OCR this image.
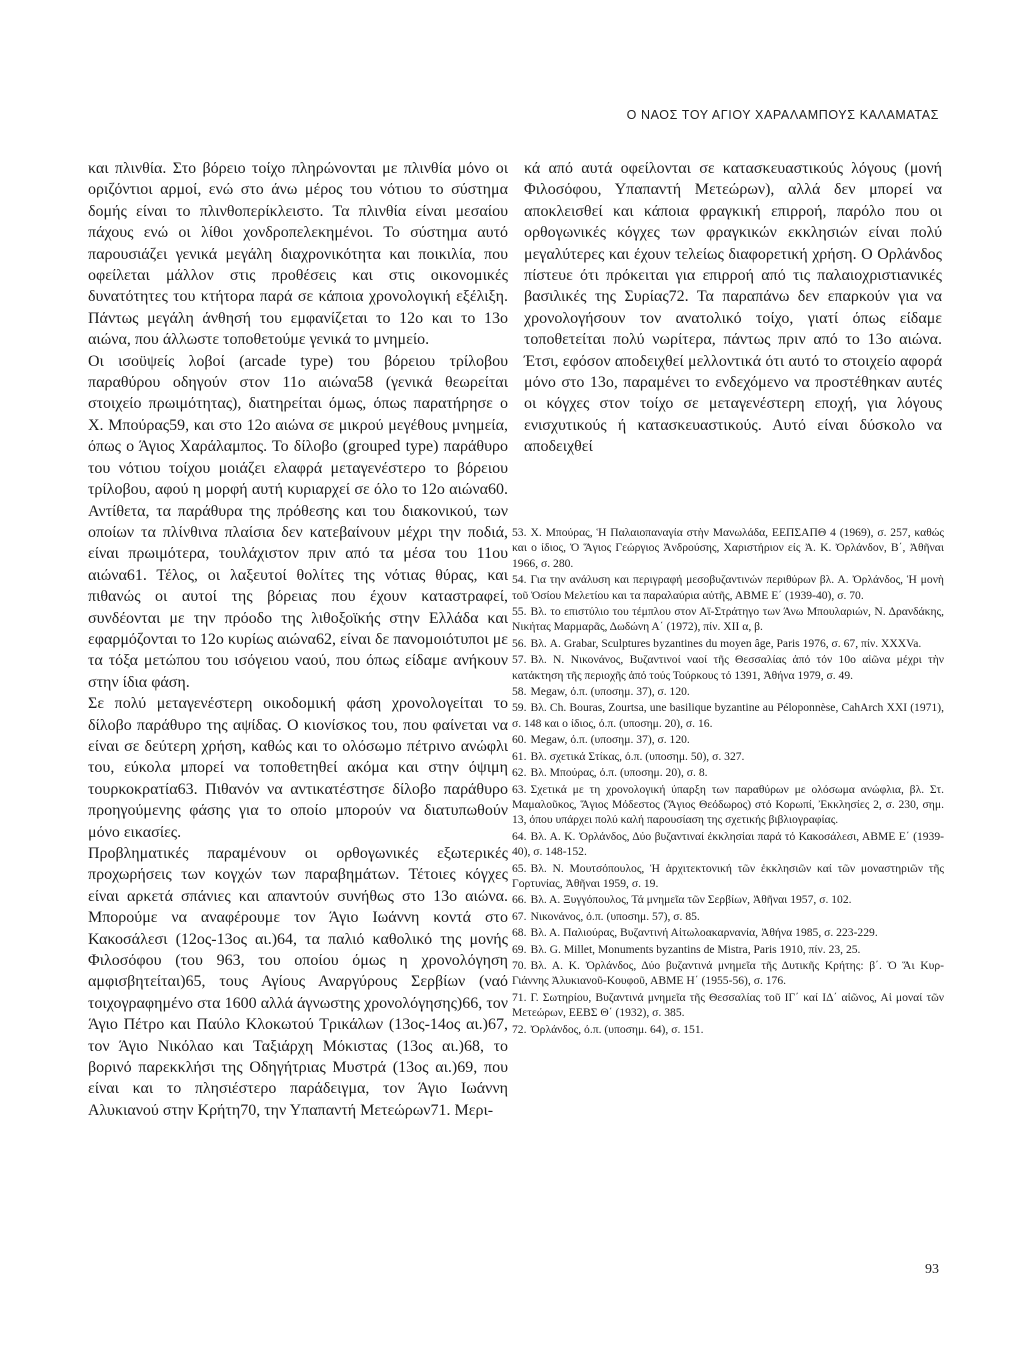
Ο ΝΑΟΣ ΤΟΥ ΑΓΙΟΥ ΧΑΡΑΛΑΜΠΟΥΣ ΚΑΛΑΜΑΤΑΣ

και πλινθία. Στο βόρειο τοίχο πληρώνονται με πλινθία μόνο οι οριζόντιοι αρμοί, ενώ στο άνω μέρος του νότιου το σύστημα δομής είναι το πλινθοπερίκλειστο. Τα πλινθία είναι μεσαίου πάχους ενώ οι λίθοι χονδροπελεκημένοι. Το σύστημα αυτό παρουσιάζει γενικά μεγάλη διαχρονικότητα και ποικιλία, που οφείλεται μάλλον στις προθέσεις και στις οικονομικές δυνατότητες του κτήτορα παρά σε κάποια χρονολογική εξέλιξη. Πάντως μεγάλη άνθησή του εμφανίζεται το 12ο και το 13ο αιώνα, που άλλωστε τοποθετούμε γενικά το μνημείο.

Οι ισοϋψείς λοβοί (arcade type) του βόρειου τρίλοβου παραθύρου οδηγούν στον 11ο αιώνα58 (γενικά θεωρείται στοιχείο πρωιμότητας), διατηρείται όμως, όπως παρατήρησε ο Χ. Μπούρας59, και στο 12ο αιώνα σε μικρού μεγέθους μνημεία, όπως ο Άγιος Χαράλαμπος. Το δίλοβο (grouped type) παράθυρο του νότιου τοίχου μοιάζει ελαφρά μεταγενέστερο το βόρειου τρίλοβου, αφού η μορφή αυτή κυριαρχεί σε όλο το 12ο αιώνα60. Αντίθετα, τα παράθυρα της πρόθεσης και του διακονικού, των οποίων τα πλίνθινα πλαίσια δεν κατεβαίνουν μέχρι την ποδιά, είναι πρωιμότερα, τουλάχιστον πριν από τα μέσα του 11ου αιώνα61. Τέλος, οι λαξευτοί θολίτες της νότιας θύρας, και πιθανώς οι αυτοί της βόρειας που έχουν καταστραφεί, συνδέονται με την πρόοδο της λιθοξοϊκής στην Ελλάδα και εφαρμόζονται το 12ο κυρίως αιώνα62, είναι δε πανομοιότυποι με τα τόξα μετώπου του ισόγειου ναού, που όπως είδαμε ανήκουν στην ίδια φάση.

Σε πολύ μεταγενέστερη οικοδομική φάση χρονολογείται το δίλοβο παράθυρο της αψίδας. Ο κιονίσκος του, που φαίνεται να είναι σε δεύτερη χρήση, καθώς και το ολόσωμο πέτρινο ανώφλι του, εύκολα μπορεί να τοποθετηθεί ακόμα και στην όψιμη τουρκοκρατία63. Πιθανόν να αντικατέστησε δίλοβο παράθυρο προηγούμενης φάσης για το οποίο μπορούν να διατυπωθούν μόνο εικασίες.

Προβληματικές παραμένουν οι ορθογωνικές εξωτερικές προχωρήσεις των κογχών των παραβημάτων. Τέτοιες κόγχες είναι αρκετά σπάνιες και απαντούν συνήθως στο 13ο αιώνα. Μπορούμε να αναφέρουμε τον Άγιο Ιωάννη κοντά στο Κακοσάλεσι (12ος-13ος αι.)64, τα παλιό καθολικό της μονής Φιλοσόφου (του 963, του οποίου όμως η χρονολόγηση αμφισβητείται)65, τους Αγίους Αναργύρους Σερβίων (ναό τοιχογραφημένο στα 1600 αλλά άγνωστης χρονολόγησης)66, τον Άγιο Πέτρο και Παύλο Κλοκωτού Τρικάλων (13ος-14ος αι.)67, τον Άγιο Νικόλαο και Ταξιάρχη Μόκιστας (13ος αι.)68, το βορινό παρεκκλήσι της Οδηγήτριας Μυστρά (13ος αι.)69, που είναι και το πλησιέστερο παράδειγμα, τον Άγιο Ιωάννη Αλυκιανού στην Κρήτη70, την Υπαπαντή Μετεώρων71. Μερι-

κά από αυτά οφείλονται σε κατασκευαστικούς λόγους (μονή Φιλοσόφου, Υπαπαντή Μετεώρων), αλλά δεν μπορεί να αποκλεισθεί και κάποια φραγκική επιρροή, παρόλο που οι ορθογωνικές κόγχες των φραγκικών εκκλησιών είναι πολύ μεγαλύτερες και έχουν τελείως διαφορετική χρήση. Ο Ορλάνδος πίστευε ότι πρόκειται για επιρροή από τις παλαιοχριστιανικές βασιλικές της Συρίας72. Τα παραπάνω δεν επαρκούν για να χρονολογήσουν τον ανατολικό τοίχο, γιατί όπως είδαμε τοποθετείται πολύ νωρίτερα, πάντως πριν από το 13ο αιώνα. Έτσι, εφόσον αποδειχθεί μελλοντικά ότι αυτό το στοιχείο αφορά μόνο στο 13ο, παραμένει το ενδεχόμενο να προστέθηκαν αυτές οι κόγχες στον τοίχο σε μεταγενέστερη εποχή, για λόγους ενισχυτικούς ή κατασκευαστικούς. Αυτό είναι δύσκολο να αποδειχθεί

53. Χ. Μπούρας, Ἡ Παλαιοπαναγία στὴν Μανωλάδα, ΕΕΠΣΑΠΘ 4 (1969), σ. 257, καθώς και ο ίδιος, Ὁ Ἅγιος Γεώργιος Ἀνδρούσης, Χαριστήριον είς Ἀ. Κ. Ὀρλάνδον, Β΄, Ἀθῆναι 1966, σ. 280.

54. Για την ανάλυση και περιγραφή μεσοβυζαντινών περιθύρων βλ. Α. Ὀρλάνδος, Ἡ μονὴ τοῦ Ὁσίου Μελετίου και τα παραλαύρια αὐτῆς, ΑΒΜΕ Ε΄ (1939-40), σ. 70.

55. Βλ. το επιστύλιο του τέμπλου στον Αϊ-Στράτηγο των Άνω Μπουλαριών, Ν. Δρανδάκης, Νικήτας Μαρμαρᾶς, Δωδώνη Α΄ (1972), πίν. XII α, β.

56. Βλ. A. Grabar, Sculptures byzantines du moyen âge, Paris 1976, σ. 67, πίν. XXXVa.

57. Βλ. Ν. Νικονάνος, Βυζαντινοί ναοί τῆς Θεσσαλίας ἀπό τόν 10ο αἰῶνα μέχρι τὴν κατάκτηση τῆς περιοχῆς ἀπό τούς Τούρκους τό 1391, Ἀθήνα 1979, σ. 49.

58. Megaw, ό.π. (υποσημ. 37), σ. 120.

59. Βλ. Ch. Bouras, Zourtsa, une basilique byzantine au Péloponnèse, CahArch XXI (1971), σ. 148 και ο ίδιος, ό.π. (υποσημ. 20), σ. 16.

60. Megaw, ό.π. (υποσημ. 37), σ. 120.

61. Βλ. σχετικά Στίκας, ό.π. (υποσημ. 50), σ. 327.

62. Βλ. Μπούρας, ό.π. (υποσημ. 20), σ. 8.

63. Σχετικά με τη χρονολογική ύπαρξη των παραθύρων με ολόσωμα ανώφλια, βλ. Στ. Μαμαλοῦκος, Ἅγιος Μόδεστος (Ἅγιος Θεόδωρος) στό Κορωπί, Ἐκκλησίες 2, σ. 230, σημ. 13, όπου υπάρχει πολύ καλή παρουσίαση της σχετικής βιβλιογραφίας.

64. Βλ. Α. Κ. Ὀρλάνδος, Δύο βυζαντιναί ἐκκλησίαι παρά τό Κακοσάλεσι, ΑΒΜΕ Ε΄ (1939-40), σ. 148-152.

65. Βλ. Ν. Μουτσόπουλος, Ἡ ἀρχιτεκτονική τῶν ἐκκλησιῶν καί τῶν μοναστηριῶν τῆς Γορτυνίας, Ἀθῆναι 1959, σ. 19.

66. Βλ. Α. Ξυγγόπουλος, Τά μνημεῖα τῶν Σερβίων, Ἀθῆναι 1957, σ. 102.

67. Νικονάνος, ό.π. (υποσημ. 57), σ. 85.

68. Βλ. Α. Παλιούρας, Βυζαντινή Αἰτωλοακαρνανία, Ἀθήνα 1985, σ. 223-229.

69. Βλ. G. Millet, Monuments byzantins de Mistra, Paris 1910, πίν. 23, 25.

70. Βλ. Α. Κ. Ὀρλάνδος, Δύο βυζαντινά μνημεῖα τῆς Δυτικῆς Κρήτης: β΄. Ὁ Ἅι Κυρ-Γιάννης Ἀλυκιανοῦ-Κουφοῦ, ΑΒΜΕ Η΄ (1955-56), σ. 176.

71. Γ. Σωτηρίου, Βυζαντινά μνημεῖα τῆς Θεσσαλίας τοῦ ΙΓ΄ καί ΙΔ΄ αἰῶνος, Αἱ μοναί τῶν Μετεώρων, ΕΕΒΣ Θ΄ (1932), σ. 385.

72. Ὀρλάνδος, ό.π. (υποσημ. 64), σ. 151.

93
